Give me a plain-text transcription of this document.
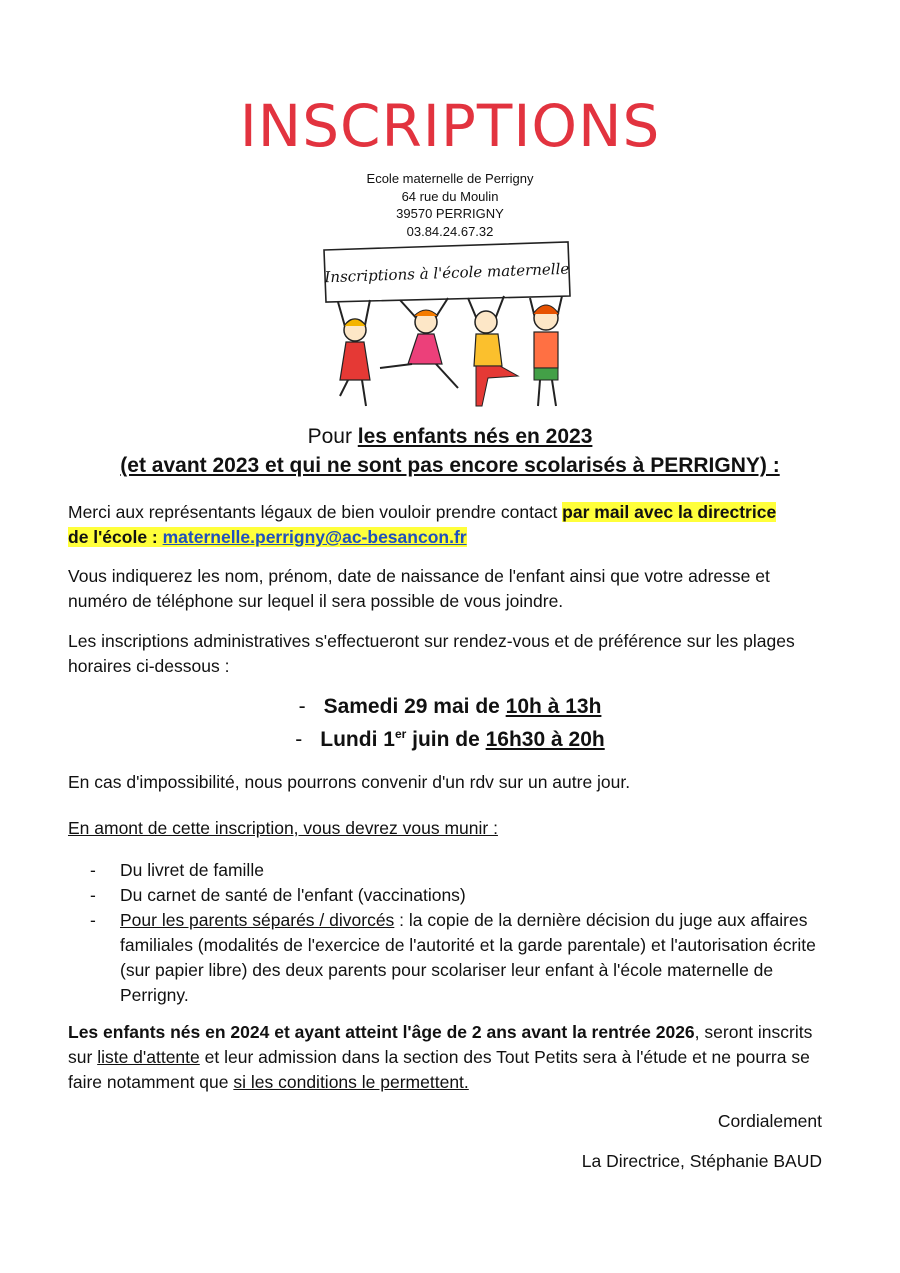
INSCRIPTIONS
Ecole maternelle de Perrigny
64 rue du Moulin
39570 PERRIGNY
03.84.24.67.32
Inscriptions à l'école maternelle
Pour les enfants nés en 2023
(et avant 2023 et qui ne sont pas encore scolarisés à PERRIGNY) :
Merci aux représentants légaux de bien vouloir prendre contact par mail avec la directrice
de l'école : maternelle.perrigny@ac-besancon.fr
Vous indiquerez les nom, prénom, date de naissance de l'enfant ainsi que votre adresse et numéro de téléphone sur lequel il sera possible de vous joindre.
Les inscriptions administratives s'effectueront sur rendez-vous et de préférence sur les plages horaires ci-dessous :
- Samedi 29 mai de 10h à 13h
- Lundi 1er juin de 16h30 à 20h
En cas d'impossibilité, nous pourrons convenir d'un rdv sur un autre jour.
En amont de cette inscription, vous devrez vous munir :
- Du livret de famille
- Du carnet de santé de l'enfant (vaccinations)
- Pour les parents séparés / divorcés : la copie de la dernière décision du juge aux affaires familiales (modalités de l'exercice de l'autorité et la garde parentale) et l'autorisation écrite (sur papier libre) des deux parents pour scolariser leur enfant à l'école maternelle de Perrigny.
Les enfants nés en 2024 et ayant atteint l'âge de 2 ans avant la rentrée 2026, seront inscrits sur liste d'attente et leur admission dans la section des Tout Petits sera à l'étude et ne pourra se faire notamment que si les conditions le permettent.
Cordialement
La Directrice, Stéphanie BAUD
